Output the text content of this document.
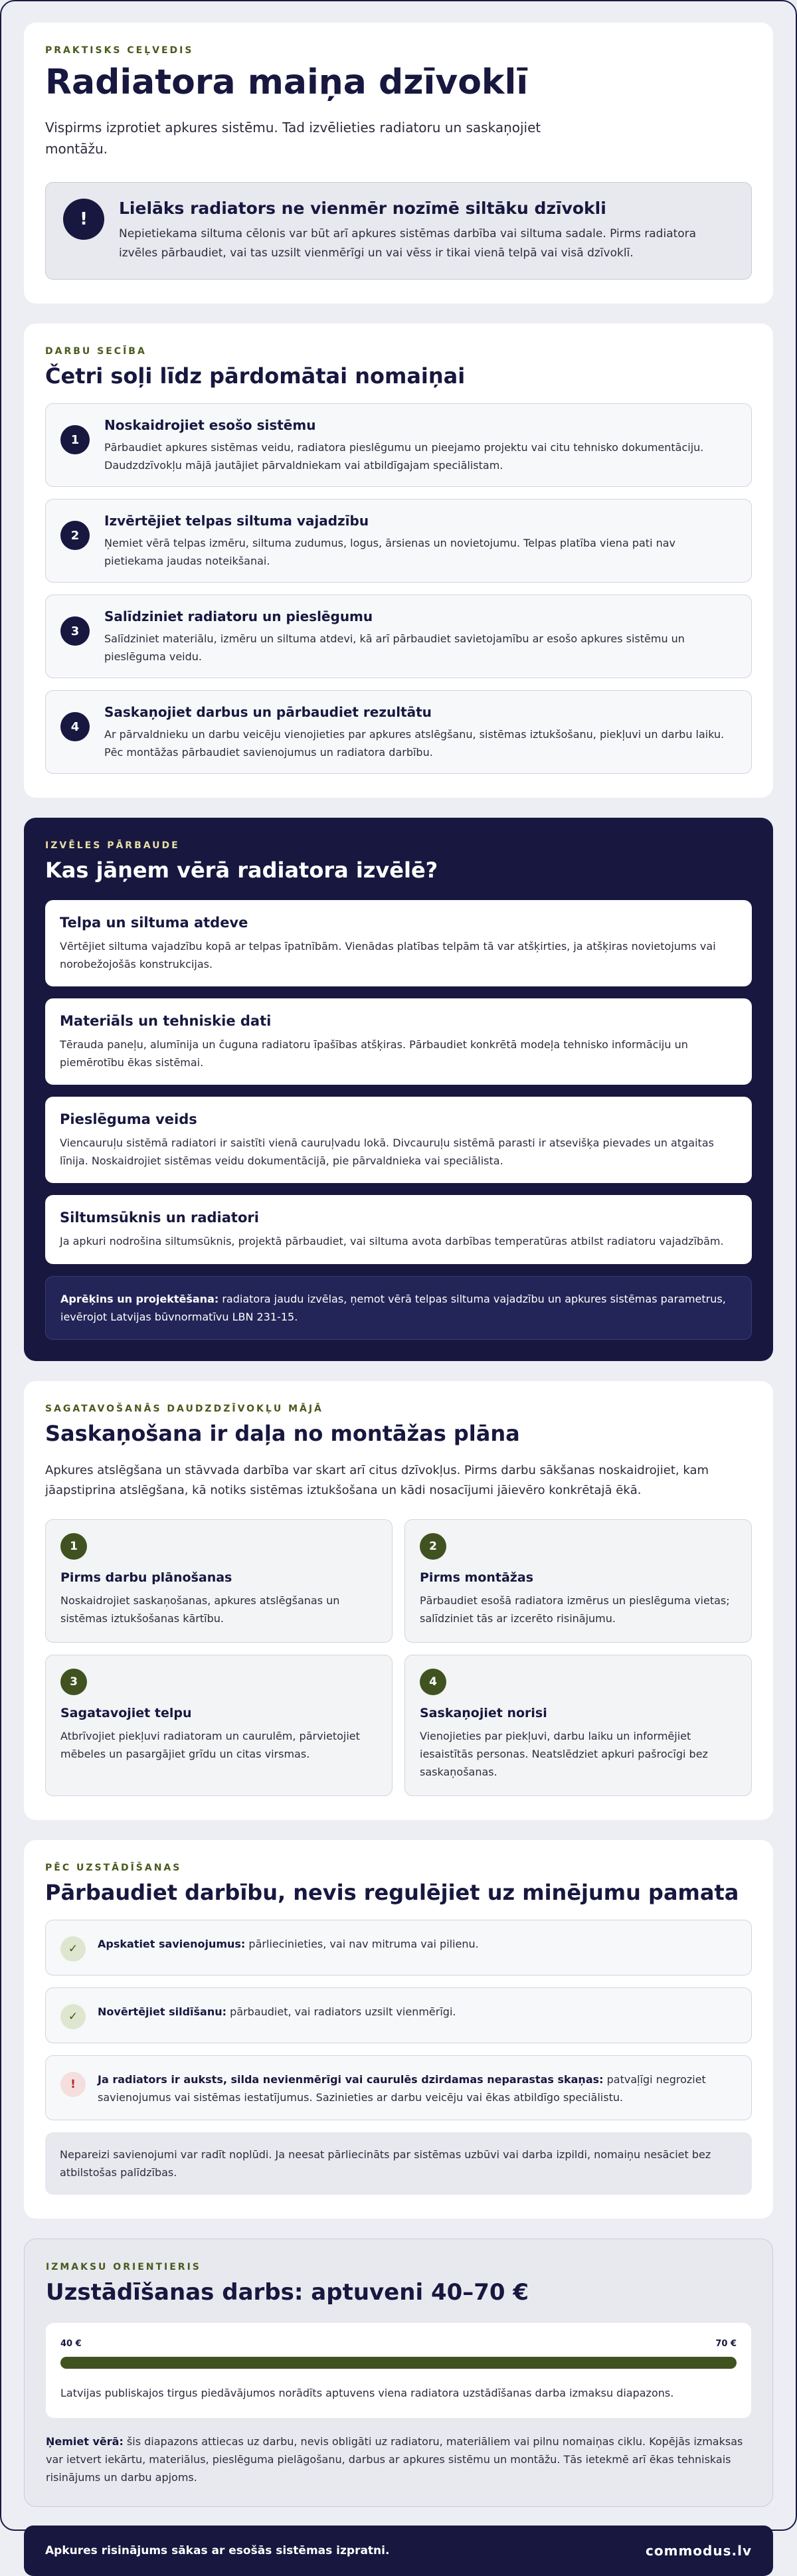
PRAKTISKS CEĻVEDIS
Radiatora maiņa dzīvoklī

Vispirms izprotiet apkures sistēmu. Tad izvēlieties radiatoru un saskaņojiet montāžu.

!
Lielāks radiators ne vienmēr nozīmē siltāku dzīvokli

Nepietiekama siltuma cēlonis var būt arī apkures sistēmas darbība vai siltuma sadale. Pirms radiatora izvēles pārbaudiet, vai tas uzsilt vienmērīgi un vai vēss ir tikai vienā telpā vai visā dzīvoklī.

DARBU SECĪBA
Četri soļi līdz pārdomātai nomaiņai
1
Noskaidrojiet esošo sistēmu

Pārbaudiet apkures sistēmas veidu, radiatora pieslēgumu un pieejamo projektu vai citu tehnisko dokumentāciju. Daudzdzīvokļu mājā jautājiet pārvaldniekam vai atbildīgajam speciālistam.

2
Izvērtējiet telpas siltuma vajadzību

Ņemiet vērā telpas izmēru, siltuma zudumus, logus, ārsienas un novietojumu. Telpas platība viena pati nav pietiekama jaudas noteikšanai.

3
Salīdziniet radiatoru un pieslēgumu

Salīdziniet materiālu, izmēru un siltuma atdevi, kā arī pārbaudiet savietojamību ar esošo apkures sistēmu un pieslēguma veidu.

4
Saskaņojiet darbus un pārbaudiet rezultātu

Ar pārvaldnieku un darbu veicēju vienojieties par apkures atslēgšanu, sistēmas iztukšošanu, piekļuvi un darbu laiku. Pēc montāžas pārbaudiet savienojumus un radiatora darbību.

IZVĒLES PĀRBAUDE
Kas jāņem vērā radiatora izvēlē?
Telpa un siltuma atdeve

Vērtējiet siltuma vajadzību kopā ar telpas īpatnībām. Vienādas platības telpām tā var atšķirties, ja atšķiras novietojums vai norobežojošās konstrukcijas.

Materiāls un tehniskie dati

Tērauda paneļu, alumīnija un čuguna radiatoru īpašības atšķiras. Pārbaudiet konkrētā modeļa tehnisko informāciju un piemērotību ēkas sistēmai.

Pieslēguma veids

Viencauruļu sistēmā radiatori ir saistīti vienā cauruļvadu lokā. Divcauruļu sistēmā parasti ir atsevišķa pievades un atgaitas līnija. Noskaidrojiet sistēmas veidu dokumentācijā, pie pārvaldnieka vai speciālista.

Siltumsūknis un radiatori

Ja apkuri nodrošina siltumsūknis, projektā pārbaudiet, vai siltuma avota darbības temperatūras atbilst radiatoru vajadzībām.

Aprēķins un projektēšana: radiatora jaudu izvēlas, ņemot vērā telpas siltuma vajadzību un apkures sistēmas parametrus, ievērojot Latvijas būvnormatīvu LBN 231-15.
SAGATAVOŠANĀS DAUDZDZĪVOKĻU MĀJĀ
Saskaņošana ir daļa no montāžas plāna

Apkures atslēgšana un stāvvada darbība var skart arī citus dzīvokļus. Pirms darbu sākšanas noskaidrojiet, kam jāapstiprina atslēgšana, kā notiks sistēmas iztukšošana un kādi nosacījumi jāievēro konkrētajā ēkā.

1
Pirms darbu plānošanas

Noskaidrojiet saskaņošanas, apkures atslēgšanas un sistēmas iztukšošanas kārtību.

2
Pirms montāžas

Pārbaudiet esošā radiatora izmērus un pieslēguma vietas; salīdziniet tās ar izcerēto risinājumu.

3
Sagatavojiet telpu

Atbrīvojiet piekļuvi radiatoram un caurulēm, pārvietojiet mēbeles un pasargājiet grīdu un citas virsmas.

4
Saskaņojiet norisi

Vienojieties par piekļuvi, darbu laiku un informējiet iesaistītās personas. Neatslēdziet apkuri pašrocīgi bez saskaņošanas.

PĒC UZSTĀDĪŠANAS
Pārbaudiet darbību, nevis regulējiet uz minējumu pamata
✓	Apskatiet savienojumus: pārliecinieties, vai nav mitruma vai pilienu.

✓	Novērtējiet sildīšanu: pārbaudiet, vai radiators uzsilt vienmērīgi.

!	Ja radiators ir auksts, silda nevienmērīgi vai caurulēs dzirdamas neparastas skaņas: patvaļīgi negroziet savienojumus vai sistēmas iestatījumus. Sazinieties ar darbu veicēju vai ēkas atbildīgo speciālistu.

Nepareizi savienojumi var radīt noplūdi. Ja neesat pārliecināts par sistēmas uzbūvi vai darba izpildi, nomaiņu nesāciet bez atbilstošas palīdzības.
IZMAKSU ORIENTIERIS
Uzstādīšanas darbs: aptuveni 40–70 €
40 €	70 €

Latvijas publiskajos tirgus piedāvājumos norādīts aptuvens viena radiatora uzstādīšanas darba izmaksu diapazons.

Ņemiet vērā: šis diapazons attiecas uz darbu, nevis obligāti uz radiatoru, materiāliem vai pilnu nomaiņas ciklu. Kopējās izmaksas var ietvert iekārtu, materiālus, pieslēguma pielāgošanu, darbus ar apkures sistēmu un montāžu. Tās ietekmē arī ēkas tehniskais risinājums un darbu apjoms.

Apkures risinājums sākas ar esošās sistēmas izpratni.	commodus.lv
